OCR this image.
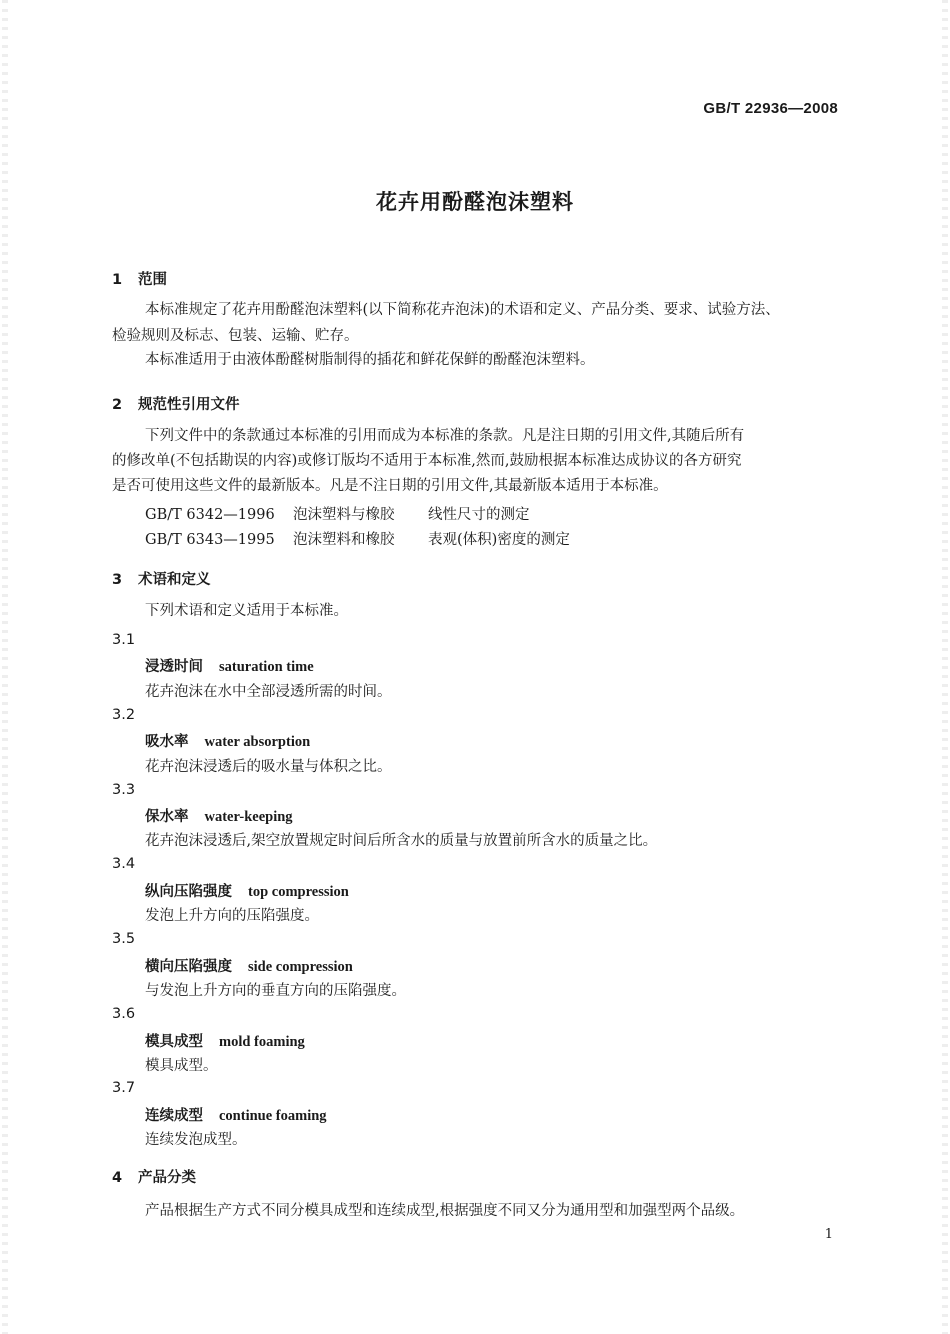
GB/T 22936—2008
花卉用酚醛泡沫塑料
1 范围
本标准规定了花卉用酚醛泡沫塑料(以下简称花卉泡沫)的术语和定义、产品分类、要求、试验方法、
检验规则及标志、包装、运输、贮存。
本标准适用于由液体酚醛树脂制得的插花和鲜花保鲜的酚醛泡沫塑料。
2 规范性引用文件
下列文件中的条款通过本标准的引用而成为本标准的条款。凡是注日期的引用文件,其随后所有
的修改单(不包括勘误的内容)或修订版均不适用于本标准,然而,鼓励根据本标准达成协议的各方研究
是否可使用这些文件的最新版本。凡是不注日期的引用文件,其最新版本适用于本标准。
GB/T 6342—1996 泡沫塑料与橡胶 线性尺寸的测定
GB/T 6343—1995 泡沫塑料和橡胶 表观(体积)密度的测定
3 术语和定义
下列术语和定义适用于本标准。
3.1
浸透时间 saturation time
花卉泡沫在水中全部浸透所需的时间。
3.2
吸水率 water absorption
花卉泡沫浸透后的吸水量与体积之比。
3.3
保水率 water-keeping
花卉泡沫浸透后,架空放置规定时间后所含水的质量与放置前所含水的质量之比。
3.4
纵向压陷强度 top compression
发泡上升方向的压陷强度。
3.5
横向压陷强度 side compression
与发泡上升方向的垂直方向的压陷强度。
3.6
模具成型 mold foaming
模具成型。
3.7
连续成型 continue foaming
连续发泡成型。
4 产品分类
产品根据生产方式不同分模具成型和连续成型,根据强度不同又分为通用型和加强型两个品级。
1
